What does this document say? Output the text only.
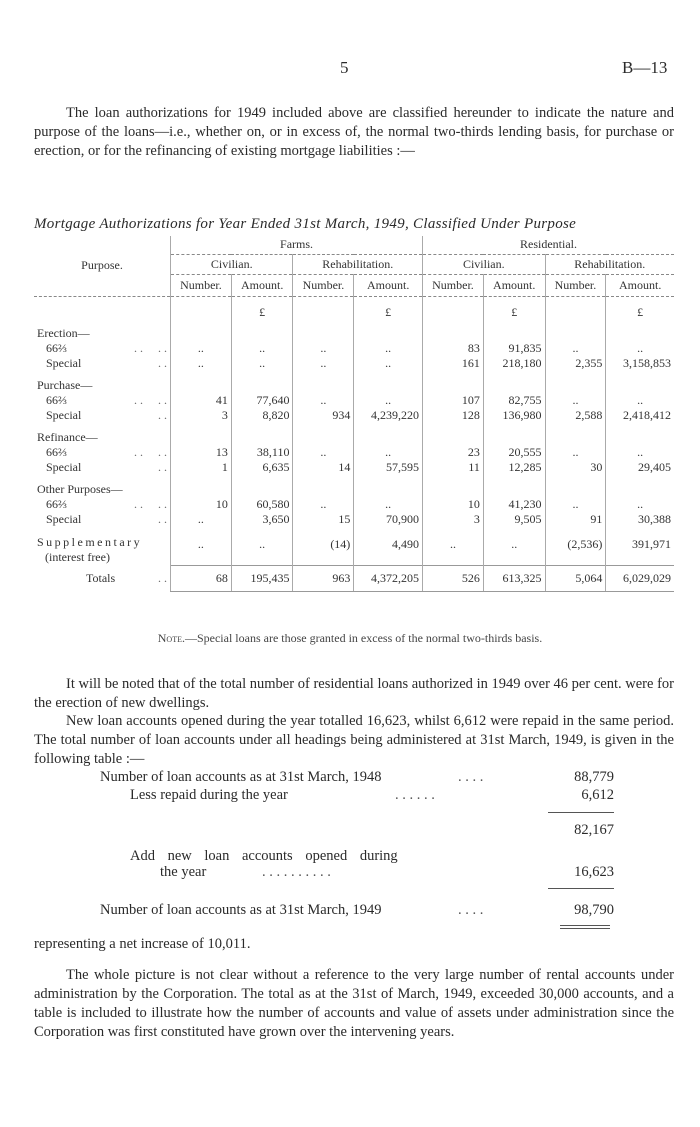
5	B—13

The loan authorizations for 1949 included above are classified hereunder to indicate the nature and purpose of the loans—i.e., whether on, or in excess of, the normal two-thirds lending basis, for purchase or erection, or for the refinancing of existing mortgage liabilities :—

Mortgage Authorizations for Year Ended 31st March, 1949, Classified Under Purpose
Purpose.	Farms.				Residential.			
	Civilian.		Rehabilitation.		Civilian.		Rehabilitation.	
	Number.	Amount.	Number.	Amount.	Number.	Amount.	Number.	Amount.
		£		£		£		£
Erection—								
66⅔ . .     . .	..	..	..	..	83	91,835	..	..
Special . .	..	..	..	..	161	218,180	2,355	3,158,853
Purchase—								
66⅔ . .     . .	41	77,640	..	..	107	82,755	..	..
Special . .	3	8,820	934	4,239,220	128	136,980	2,588	2,418,412
Refinance—								
66⅔ . .     . .	13	38,110	..	..	23	20,555	..	..
Special . .	1	6,635	14	57,595	11	12,285	30	29,405
Other Purposes—								
66⅔ . .     . .	10	60,580	..	..	10	41,230	..	..
Special . .	..	3,650	15	70,900	3	9,505	91	30,388

Supplementary
(interest free)	..	..	(14)	4,490	..	..	(2,536)	391,971
Totals . .	68	195,435	963	4,372,205	526	613,325	5,064	6,029,029
Note.—Special loans are those granted in excess of the normal two-thirds basis.

It will be noted that of the total number of residential loans authorized in 1949 over 46 per cent. were for the erection of new dwellings.

New loan accounts opened during the year totalled 16,623, whilst 6,612 were repaid in the same period. The total number of loan accounts under all headings being administered at 31st March, 1949, is given in the following table :—

Number of loan accounts as at 31st March, 1948	. . . .	88,779
Less repaid during the year	. . . . . .	6,612
82,167
Add new loan accounts opened during
the year	. . . . . . . . . .	16,623
Number of loan accounts as at 31st March, 1949	. . . .	98,790

representing a net increase of 10,011.

The whole picture is not clear without a reference to the very large number of rental accounts under administration by the Corporation. The total as at the 31st of March, 1949, exceeded 30,000 accounts, and a table is included to illustrate how the number of accounts and value of assets under administration since the Corporation was first constituted have grown over the intervening years.
